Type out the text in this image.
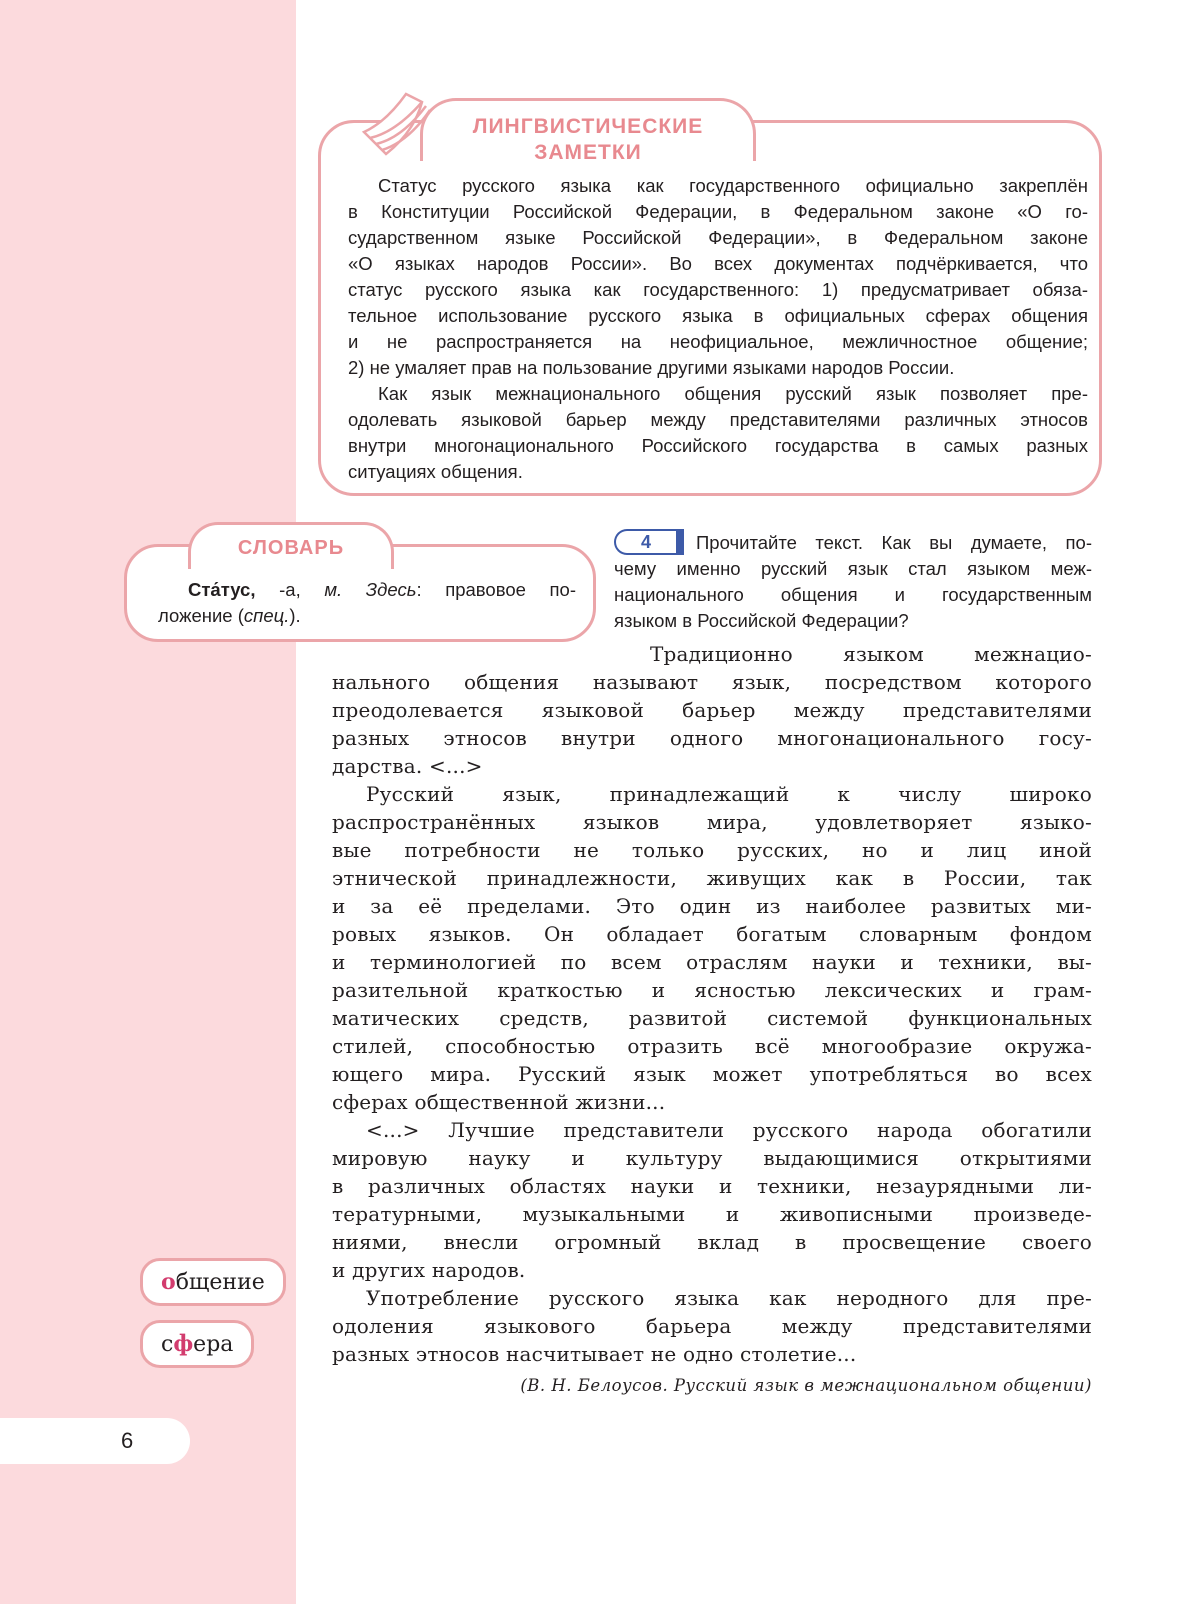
ЛИНГВИСТИЧЕСКИЕ
ЗАМЕТКИ
Статус русского языка как государственного официально закреплён
в Конституции Российской Федерации, в Федеральном законе «О го-
сударственном языке Российской Федерации», в Федеральном законе
«О языках народов России». Во всех документах подчёркивается, что
статус русского языка как государственного: 1) предусматривает обяза-
тельное использование русского языка в официальных сферах общения
и не распространяется на неофициальное, межличностное общение;
2) не умаляет прав на пользование другими языками народов России.
Как язык межнационального общения русский язык позволяет пре-
одолевать языковой барьер между представителями различных этносов
внутри многонационального Российского государства в самых разных
ситуациях общения.
СЛОВАРЬ
Ста́тус, -а, м. Здесь: правовое по-
ложение (спец.).
4	Прочитайте текст. Как вы думаете, по-
чему именно русский язык стал языком меж-
национального общения и государственным
языком в Российской Федерации?
Традиционно языком межнацио-
нального общения называют язык, посредством которого
преодолевается языковой барьер между представителями
разных этносов внутри одного многонационального госу-
дарства. <...>
Русский язык, принадлежащий к числу широко
распространённых языков мира, удовлетворяет языко-
вые потребности не только русских, но и лиц иной
этнической принадлежности, живущих как в России, так
и за её пределами. Это один из наиболее развитых ми-
ровых языков. Он обладает богатым словарным фондом
и терминологией по всем отраслям науки и техники, вы-
разительной краткостью и ясностью лексических и грам-
матических средств, развитой системой функциональных
стилей, способностью отразить всё многообразие окружа-
ющего мира. Русский язык может употребляться во всех
сферах общественной жизни...
<...> Лучшие представители русского народа обогатили
мировую науку и культуру выдающимися открытиями
в различных областях науки и техники, незаурядными ли-
тературными, музыкальными и живописными произведе-
ниями, внесли огромный вклад в просвещение своего
и других народов.
Употребление русского языка как неродного для пре-
одоления языкового барьера между представителями
разных этносов насчитывает не одно столетие...
(В. Н. Белоусов. Русский язык в межнациональном общении)
общение
сфера
6
